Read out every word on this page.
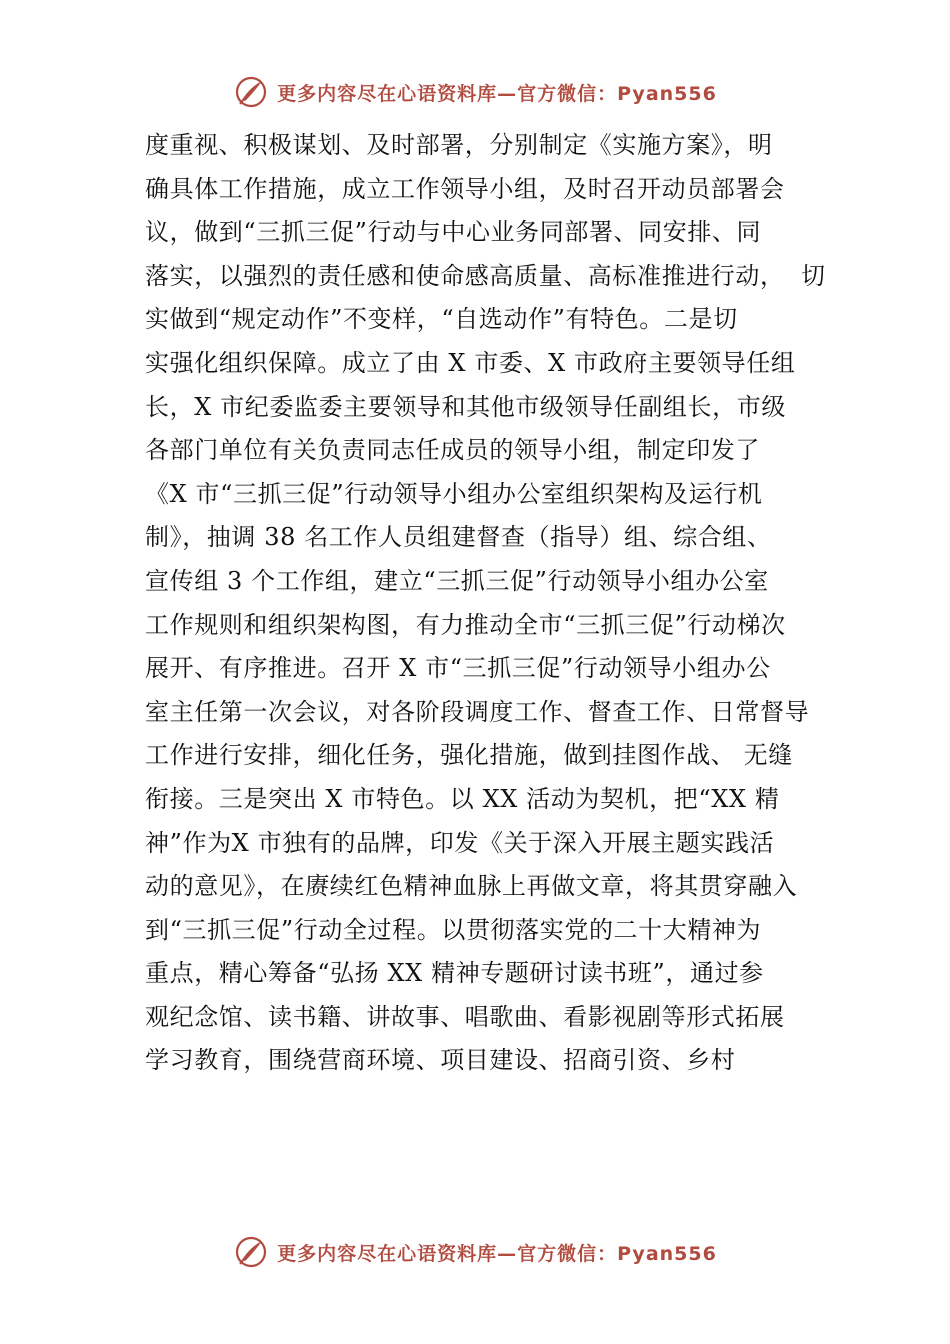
更多内容尽在心语资料库—官方微信：Pyan556
度重视、积极谋划、及时部署，分别制定《实施方案》，明
确具体工作措施，成立工作领导小组，及时召开动员部署会
议，做到“三抓三促”行动与中心业务同部署、同安排、同
落实，以强烈的责任感和使命感高质量、高标准推进行动，  切
实做到“规定动作”不变样，“自选动作”有特色。二是切
实强化组织保障。成立了由 X 市委、X 市政府主要领导任组
长，X 市纪委监委主要领导和其他市级领导任副组长，市级
各部门单位有关负责同志任成员的领导小组，制定印发了
《X 市“三抓三促”行动领导小组办公室组织架构及运行机
制》，抽调 38 名工作人员组建督查（指导）组、综合组、
宣传组 3 个工作组，建立“三抓三促”行动领导小组办公室
工作规则和组织架构图，有力推动全市“三抓三促”行动梯次
展开、有序推进。召开 X 市“三抓三促”行动领导小组办公
室主任第一次会议，对各阶段调度工作、督查工作、日常督导
工作进行安排，细化任务，强化措施，做到挂图作战、 无缝
衔接。三是突出 X 市特色。以 XX 活动为契机，把“XX 精
神”作为X 市独有的品牌，印发《关于深入开展主题实践活
动的意见》，在赓续红色精神血脉上再做文章，将其贯穿融入
到“三抓三促”行动全过程。以贯彻落实党的二十大精神为
重点，精心筹备“弘扬 XX 精神专题研讨读书班”，通过参
观纪念馆、读书籍、讲故事、唱歌曲、看影视剧等形式拓展
学习教育，围绕营商环境、项目建设、招商引资、乡村
更多内容尽在心语资料库—官方微信：Pyan556
